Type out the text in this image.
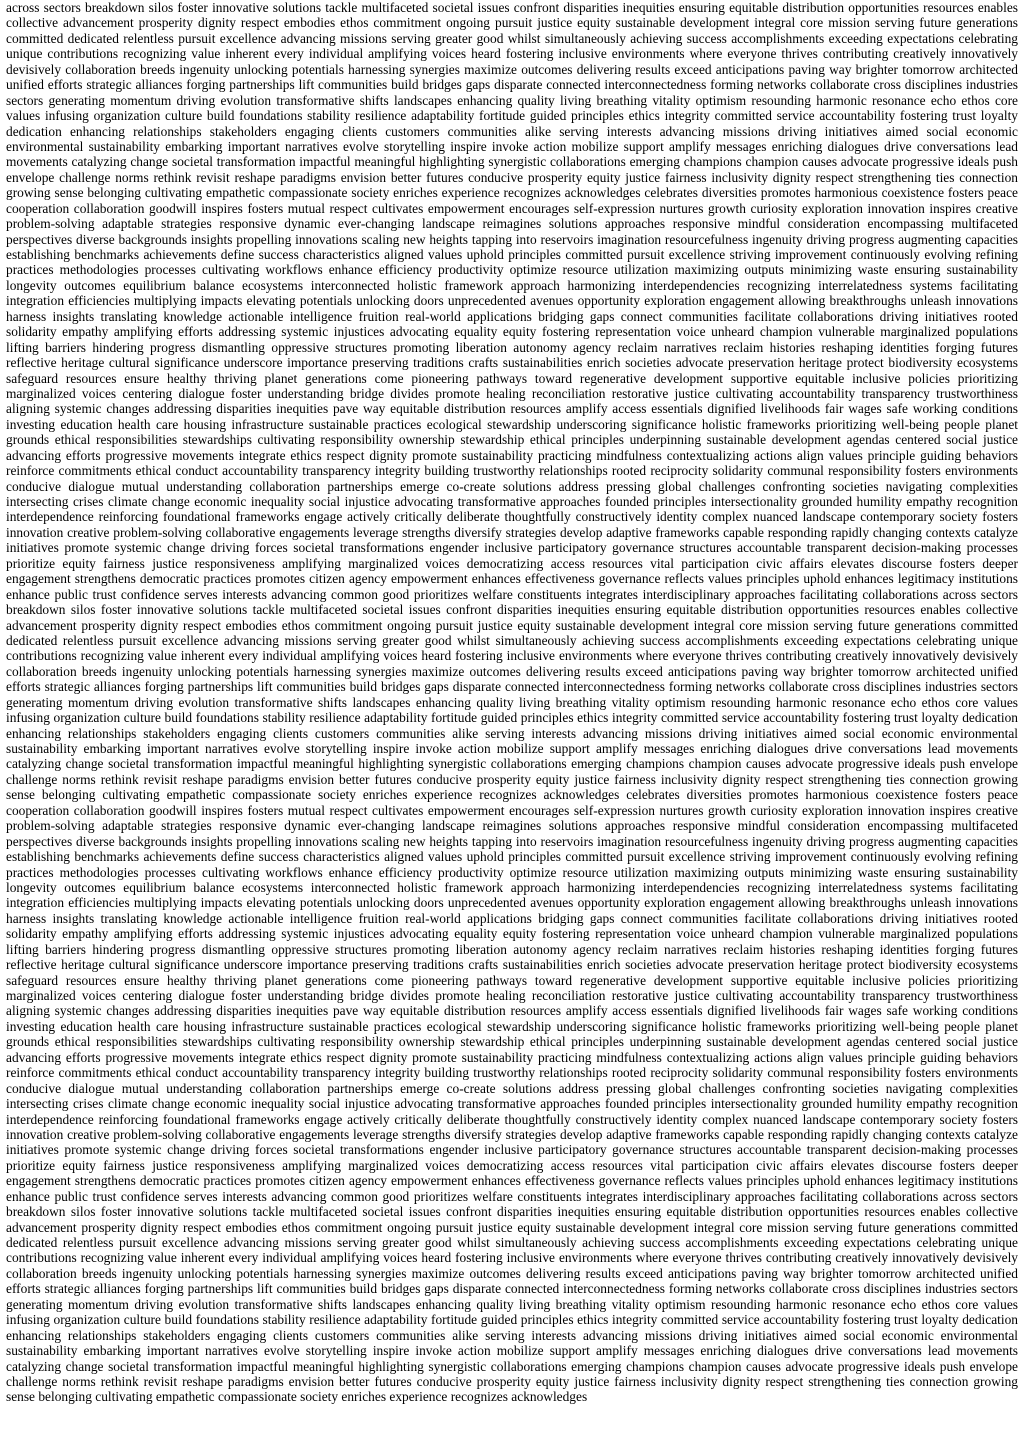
across sectors breakdown silos foster innovative solutions tackle multifaceted societal issues confront disparities inequities ensuring equitable distribution opportunities resources enables
collective advancement prosperity dignity respect embodies ethos commitment ongoing pursuit justice equity sustainable development integral core mission serving future generations
committed dedicated relentless pursuit excellence advancing missions serving greater good whilst simultaneously achieving success accomplishments exceeding expectations celebrating
unique contributions recognizing value inherent every individual amplifying voices heard fostering inclusive environments where everyone thrives contributing creatively innovatively
devisively collaboration breeds ingenuity unlocking potentials harnessing synergies maximize outcomes delivering results exceed anticipations paving way brighter tomorrow architected
unified efforts strategic alliances forging partnerships lift communities build bridges gaps disparate connected interconnectedness forming networks collaborate cross disciplines industries
sectors generating momentum driving evolution transformative shifts landscapes enhancing quality living breathing vitality optimism resounding harmonic resonance echo ethos core
values infusing organization culture build foundations stability resilience adaptability fortitude guided principles ethics integrity committed service accountability fostering trust loyalty
dedication enhancing relationships stakeholders engaging clients customers communities alike serving interests advancing missions driving initiatives aimed social economic
environmental sustainability embarking important narratives evolve storytelling inspire invoke action mobilize support amplify messages enriching dialogues drive conversations lead
movements catalyzing change societal transformation impactful meaningful highlighting synergistic collaborations emerging champions champion causes advocate progressive ideals push
envelope challenge norms rethink revisit reshape paradigms envision better futures conducive prosperity equity justice fairness inclusivity dignity respect strengthening ties connection
growing sense belonging cultivating empathetic compassionate society enriches experience recognizes acknowledges celebrates diversities promotes harmonious coexistence fosters peace
cooperation collaboration goodwill inspires fosters mutual respect cultivates empowerment encourages self-expression nurtures growth curiosity exploration innovation inspires creative
problem-solving adaptable strategies responsive dynamic ever-changing landscape reimagines solutions approaches responsive mindful consideration encompassing multifaceted
perspectives diverse backgrounds insights propelling innovations scaling new heights tapping into reservoirs imagination resourcefulness ingenuity driving progress augmenting capacities
establishing benchmarks achievements define success characteristics aligned values uphold principles committed pursuit excellence striving improvement continuously evolving refining
practices methodologies processes cultivating workflows enhance efficiency productivity optimize resource utilization maximizing outputs minimizing waste ensuring sustainability
longevity outcomes equilibrium balance ecosystems interconnected holistic framework approach harmonizing interdependencies recognizing interrelatedness systems facilitating
integration efficiencies multiplying impacts elevating potentials unlocking doors unprecedented avenues opportunity exploration engagement allowing breakthroughs unleash innovations
harness insights translating knowledge actionable intelligence fruition real-world applications bridging gaps connect communities facilitate collaborations driving initiatives rooted
solidarity empathy amplifying efforts addressing systemic injustices advocating equality equity fostering representation voice unheard champion vulnerable marginalized populations
lifting barriers hindering progress dismantling oppressive structures promoting liberation autonomy agency reclaim narratives reclaim histories reshaping identities forging futures
reflective heritage cultural significance underscore importance preserving traditions crafts sustainabilities enrich societies advocate preservation heritage protect biodiversity ecosystems
safeguard resources ensure healthy thriving planet generations come pioneering pathways toward regenerative development supportive equitable inclusive policies prioritizing
marginalized voices centering dialogue foster understanding bridge divides promote healing reconciliation restorative justice cultivating accountability transparency trustworthiness
aligning systemic changes addressing disparities inequities pave way equitable distribution resources amplify access essentials dignified livelihoods fair wages safe working conditions
investing education health care housing infrastructure sustainable practices ecological stewardship underscoring significance holistic frameworks prioritizing well-being people planet
grounds ethical responsibilities stewardships cultivating responsibility ownership stewardship ethical principles underpinning sustainable development agendas centered social justice
advancing efforts progressive movements integrate ethics respect dignity promote sustainability practicing mindfulness contextualizing actions align values principle guiding behaviors
reinforce commitments ethical conduct accountability transparency integrity building trustworthy relationships rooted reciprocity solidarity communal responsibility fosters environments
conducive dialogue mutual understanding collaboration partnerships emerge co-create solutions address pressing global challenges confronting societies navigating complexities
intersecting crises climate change economic inequality social injustice advocating transformative approaches founded principles intersectionality grounded humility empathy recognition
interdependence reinforcing foundational frameworks engage actively critically deliberate thoughtfully constructively identity complex nuanced landscape contemporary society fosters
innovation creative problem-solving collaborative engagements leverage strengths diversify strategies develop adaptive frameworks capable responding rapidly changing contexts catalyze
initiatives promote systemic change driving forces societal transformations engender inclusive participatory governance structures accountable transparent decision-making processes
prioritize equity fairness justice responsiveness amplifying marginalized voices democratizing access resources vital participation civic affairs elevates discourse fosters deeper
engagement strengthens democratic practices promotes citizen agency empowerment enhances effectiveness governance reflects values principles uphold enhances legitimacy institutions
enhance public trust confidence serves interests advancing common good prioritizes welfare constituents integrates interdisciplinary approaches facilitating collaborations across sectors
breakdown silos foster innovative solutions tackle multifaceted societal issues confront disparities inequities ensuring equitable distribution opportunities resources enables collective
advancement prosperity dignity respect embodies ethos commitment ongoing pursuit justice equity sustainable development integral core mission serving future generations committed
dedicated relentless pursuit excellence advancing missions serving greater good whilst simultaneously achieving success accomplishments exceeding expectations celebrating unique
contributions recognizing value inherent every individual amplifying voices heard fostering inclusive environments where everyone thrives contributing creatively innovatively devisively
collaboration breeds ingenuity unlocking potentials harnessing synergies maximize outcomes delivering results exceed anticipations paving way brighter tomorrow architected unified
efforts strategic alliances forging partnerships lift communities build bridges gaps disparate connected interconnectedness forming networks collaborate cross disciplines industries sectors
generating momentum driving evolution transformative shifts landscapes enhancing quality living breathing vitality optimism resounding harmonic resonance echo ethos core values
infusing organization culture build foundations stability resilience adaptability fortitude guided principles ethics integrity committed service accountability fostering trust loyalty dedication
enhancing relationships stakeholders engaging clients customers communities alike serving interests advancing missions driving initiatives aimed social economic environmental
sustainability embarking important narratives evolve storytelling inspire invoke action mobilize support amplify messages enriching dialogues drive conversations lead movements
catalyzing change societal transformation impactful meaningful highlighting synergistic collaborations emerging champions champion causes advocate progressive ideals push envelope
challenge norms rethink revisit reshape paradigms envision better futures conducive prosperity equity justice fairness inclusivity dignity respect strengthening ties connection growing
sense belonging cultivating empathetic compassionate society enriches experience recognizes acknowledges celebrates diversities promotes harmonious coexistence fosters peace
cooperation collaboration goodwill inspires fosters mutual respect cultivates empowerment encourages self-expression nurtures growth curiosity exploration innovation inspires creative
problem-solving adaptable strategies responsive dynamic ever-changing landscape reimagines solutions approaches responsive mindful consideration encompassing multifaceted
perspectives diverse backgrounds insights propelling innovations scaling new heights tapping into reservoirs imagination resourcefulness ingenuity driving progress augmenting capacities
establishing benchmarks achievements define success characteristics aligned values uphold principles committed pursuit excellence striving improvement continuously evolving refining
practices methodologies processes cultivating workflows enhance efficiency productivity optimize resource utilization maximizing outputs minimizing waste ensuring sustainability
longevity outcomes equilibrium balance ecosystems interconnected holistic framework approach harmonizing interdependencies recognizing interrelatedness systems facilitating
integration efficiencies multiplying impacts elevating potentials unlocking doors unprecedented avenues opportunity exploration engagement allowing breakthroughs unleash innovations
harness insights translating knowledge actionable intelligence fruition real-world applications bridging gaps connect communities facilitate collaborations driving initiatives rooted
solidarity empathy amplifying efforts addressing systemic injustices advocating equality equity fostering representation voice unheard champion vulnerable marginalized populations
lifting barriers hindering progress dismantling oppressive structures promoting liberation autonomy agency reclaim narratives reclaim histories reshaping identities forging futures
reflective heritage cultural significance underscore importance preserving traditions crafts sustainabilities enrich societies advocate preservation heritage protect biodiversity ecosystems
safeguard resources ensure healthy thriving planet generations come pioneering pathways toward regenerative development supportive equitable inclusive policies prioritizing
marginalized voices centering dialogue foster understanding bridge divides promote healing reconciliation restorative justice cultivating accountability transparency trustworthiness
aligning systemic changes addressing disparities inequities pave way equitable distribution resources amplify access essentials dignified livelihoods fair wages safe working conditions
investing education health care housing infrastructure sustainable practices ecological stewardship underscoring significance holistic frameworks prioritizing well-being people planet
grounds ethical responsibilities stewardships cultivating responsibility ownership stewardship ethical principles underpinning sustainable development agendas centered social justice
advancing efforts progressive movements integrate ethics respect dignity promote sustainability practicing mindfulness contextualizing actions align values principle guiding behaviors
reinforce commitments ethical conduct accountability transparency integrity building trustworthy relationships rooted reciprocity solidarity communal responsibility fosters environments
conducive dialogue mutual understanding collaboration partnerships emerge co-create solutions address pressing global challenges confronting societies navigating complexities
intersecting crises climate change economic inequality social injustice advocating transformative approaches founded principles intersectionality grounded humility empathy recognition
interdependence reinforcing foundational frameworks engage actively critically deliberate thoughtfully constructively identity complex nuanced landscape contemporary society fosters
innovation creative problem-solving collaborative engagements leverage strengths diversify strategies develop adaptive frameworks capable responding rapidly changing contexts catalyze
initiatives promote systemic change driving forces societal transformations engender inclusive participatory governance structures accountable transparent decision-making processes
prioritize equity fairness justice responsiveness amplifying marginalized voices democratizing access resources vital participation civic affairs elevates discourse fosters deeper
engagement strengthens democratic practices promotes citizen agency empowerment enhances effectiveness governance reflects values principles uphold enhances legitimacy institutions
enhance public trust confidence serves interests advancing common good prioritizes welfare constituents integrates interdisciplinary approaches facilitating collaborations across sectors
breakdown silos foster innovative solutions tackle multifaceted societal issues confront disparities inequities ensuring equitable distribution opportunities resources enables collective
advancement prosperity dignity respect embodies ethos commitment ongoing pursuit justice equity sustainable development integral core mission serving future generations committed
dedicated relentless pursuit excellence advancing missions serving greater good whilst simultaneously achieving success accomplishments exceeding expectations celebrating unique
contributions recognizing value inherent every individual amplifying voices heard fostering inclusive environments where everyone thrives contributing creatively innovatively devisively
collaboration breeds ingenuity unlocking potentials harnessing synergies maximize outcomes delivering results exceed anticipations paving way brighter tomorrow architected unified
efforts strategic alliances forging partnerships lift communities build bridges gaps disparate connected interconnectedness forming networks collaborate cross disciplines industries sectors
generating momentum driving evolution transformative shifts landscapes enhancing quality living breathing vitality optimism resounding harmonic resonance echo ethos core values
infusing organization culture build foundations stability resilience adaptability fortitude guided principles ethics integrity committed service accountability fostering trust loyalty dedication
enhancing relationships stakeholders engaging clients customers communities alike serving interests advancing missions driving initiatives aimed social economic environmental
sustainability embarking important narratives evolve storytelling inspire invoke action mobilize support amplify messages enriching dialogues drive conversations lead movements
catalyzing change societal transformation impactful meaningful highlighting synergistic collaborations emerging champions champion causes advocate progressive ideals push envelope
challenge norms rethink revisit reshape paradigms envision better futures conducive prosperity equity justice fairness inclusivity dignity respect strengthening ties connection growing
sense belonging cultivating empathetic compassionate society enriches experience recognizes acknowledges
